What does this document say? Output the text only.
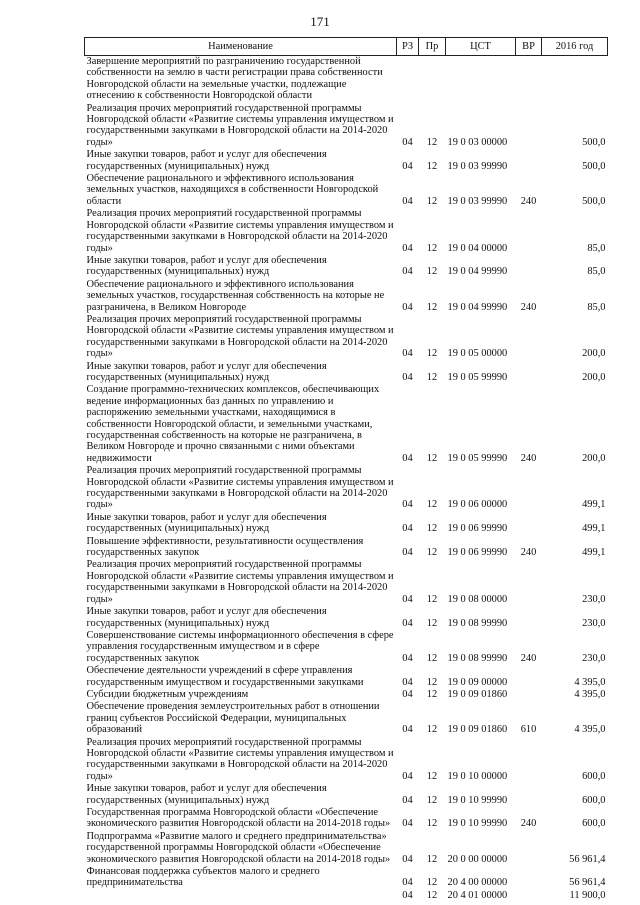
171
Наименование	РЗ	Пр	ЦСТ	ВР	2016 год
Завершение мероприятий по разграничению государственной собственности на землю в части регистрации права собственности Новгородской области на земельные участки, подлежащие отнесению к собственности Новгородской области					
Реализация прочих мероприятий государственной программы Новгородской области «Развитие системы управления имуществом и государственными закупками в Новгородской области на 2014-2020 годы»	04	12	19 0 03 00000		500,0
Иные закупки товаров, работ и услуг для обеспечения государственных (муниципальных) нужд	04	12	19 0 03 99990		500,0
Обеспечение рационального и эффективного использования земельных участков, находящихся в собственности Новгородской области	04	12	19 0 03 99990	240	500,0
Реализация прочих мероприятий государственной программы Новгородской области «Развитие системы управления имуществом и государственными закупками в Новгородской области на 2014-2020 годы»	04	12	19 0 04 00000		85,0
Иные закупки товаров, работ и услуг для обеспечения государственных (муниципальных) нужд	04	12	19 0 04 99990		85,0
Обеспечение рационального и эффективного использования земельных участков, государственная собственность на которые не разграничена, в Великом Новгороде	04	12	19 0 04 99990	240	85,0
Реализация прочих мероприятий государственной программы Новгородской области «Развитие системы управления имуществом и государственными закупками в Новгородской области на 2014-2020 годы»	04	12	19 0 05 00000		200,0
Иные закупки товаров, работ и услуг для обеспечения государственных (муниципальных) нужд	04	12	19 0 05 99990		200,0
Создание программно-технических комплексов, обеспечивающих ведение информационных баз данных по управлению и распоряжению земельными участками, находящимися в собственности Новгородской области, и земельными участками, государственная собственность на которые не разграничена, в Великом Новгороде и прочно связанными с ними объектами недвижимости	04	12	19 0 05 99990	240	200,0
Реализация прочих мероприятий государственной программы Новгородской области «Развитие системы управления имуществом и государственными закупками в Новгородской области на 2014-2020 годы»	04	12	19 0 06 00000		499,1
Иные закупки товаров, работ и услуг для обеспечения государственных (муниципальных) нужд	04	12	19 0 06 99990		499,1
Повышение эффективности, результативности осуществления государственных закупок	04	12	19 0 06 99990	240	499,1
Реализация прочих мероприятий государственной программы Новгородской области «Развитие системы управления имуществом и государственными закупками в Новгородской области на 2014-2020 годы»	04	12	19 0 08 00000		230,0
Иные закупки товаров, работ и услуг для обеспечения государственных (муниципальных) нужд	04	12	19 0 08 99990		230,0
Совершенствование системы информационного обеспечения в сфере управления государственным имуществом и в сфере государственных закупок	04	12	19 0 08 99990	240	230,0
Обеспечение деятельности учреждений в сфере управления государственным имуществом и государственными закупками	04	12	19 0 09 00000		4 395,0
Субсидии бюджетным учреждениям	04	12	19 0 09 01860		4 395,0
Обеспечение проведения землеустроительных работ в отношении границ субъектов Российской Федерации, муниципальных образований	04	12	19 0 09 01860	610	4 395,0
Реализация прочих мероприятий государственной программы Новгородской области «Развитие системы управления имуществом и государственными закупками в Новгородской области на 2014-2020 годы»	04	12	19 0 10 00000		600,0
Иные закупки товаров, работ и услуг для обеспечения государственных (муниципальных) нужд	04	12	19 0 10 99990		600,0
Государственная программа Новгородской области «Обеспечение экономического развития Новгородской области на 2014-2018 годы»	04	12	19 0 10 99990	240	600,0
Подпрограмма «Развитие малого и среднего предпринимательства» государственной программы Новгородской области «Обеспечение экономического развития Новгородской области на 2014-2018 годы»	04	12	20 0 00 00000		56 961,4
Финансовая поддержка субъектов малого и среднего предпринимательства	04	12	20 4 00 00000		56 961,4
	04	12	20 4 01 00000		11 900,0
